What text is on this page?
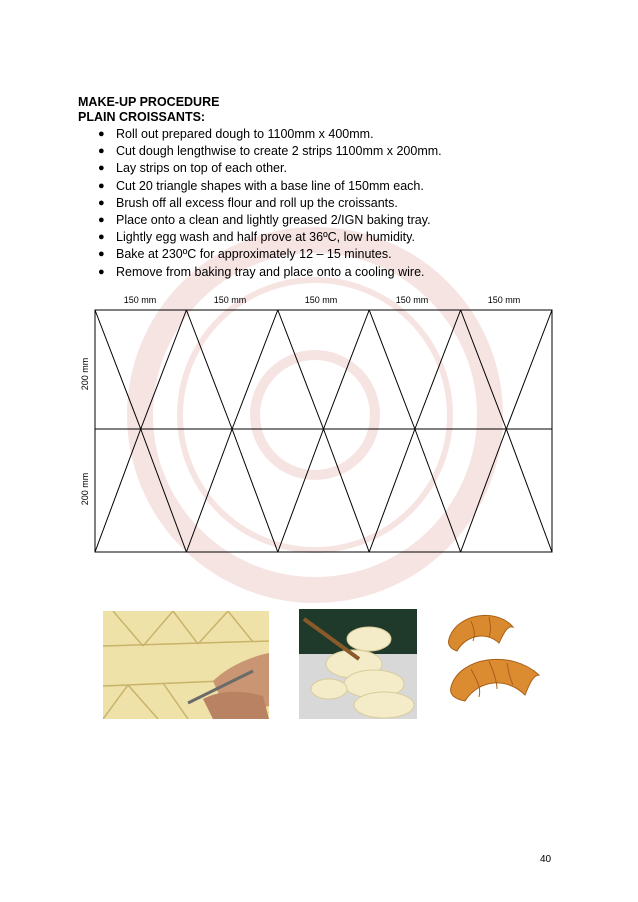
MAKE-UP PROCEDURE
PLAIN CROISSANTS:
● Roll out prepared dough to 1100mm x 400mm.
● Cut dough lengthwise to create 2 strips 1100mm x 200mm.
● Lay strips on top of each other.
● Cut 20 triangle shapes with a base line of 150mm each.
● Brush off all excess flour and roll up the croissants.
● Place onto a clean and lightly greased 2/IGN baking tray.
● Lightly egg wash and half prove at 36ºC, low humidity.
● Bake at 230ºC for approximately 12 – 15 minutes.
● Remove from baking tray and place onto a cooling wire.
150 mm	150 mm	150 mm	150 mm	150 mm
200 mm
200 mm
40
